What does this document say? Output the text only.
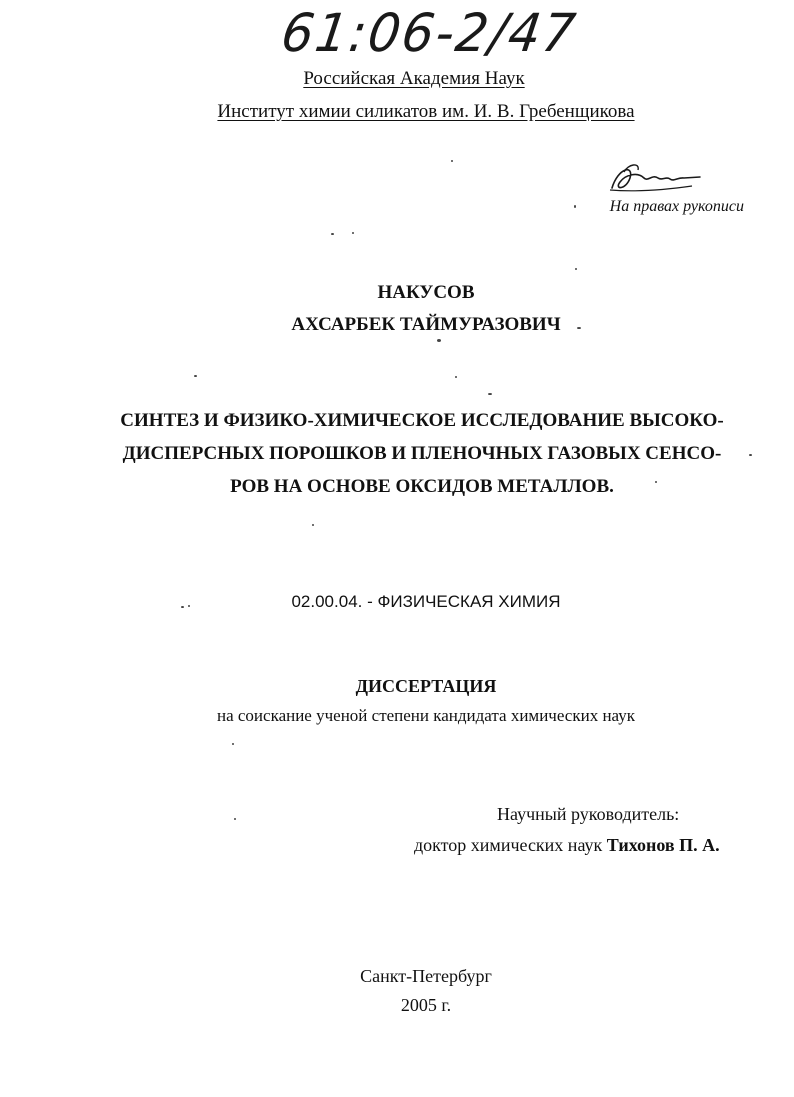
61:06-2/47
Российская Академия Наук
Институт химии силикатов им. И. В. Гребенщикова
На правах рукописи
НАКУСОВ
АХСАРБЕК ТАЙМУРАЗОВИЧ
СИНТЕЗ И ФИЗИКО-ХИМИЧЕСКОЕ ИССЛЕДОВАНИЕ ВЫСОКО-
ДИСПЕРСНЫХ ПОРОШКОВ И ПЛЕНОЧНЫХ ГАЗОВЫХ СЕНСО-
РОВ НА ОСНОВЕ ОКСИДОВ МЕТАЛЛОВ.
02.00.04. - ФИЗИЧЕСКАЯ ХИМИЯ
ДИССЕРТАЦИЯ
на соискание ученой степени кандидата химических наук
Научный руководитель:
доктор химических наук Тихонов П. А.
Санкт-Петербург
2005 г.
